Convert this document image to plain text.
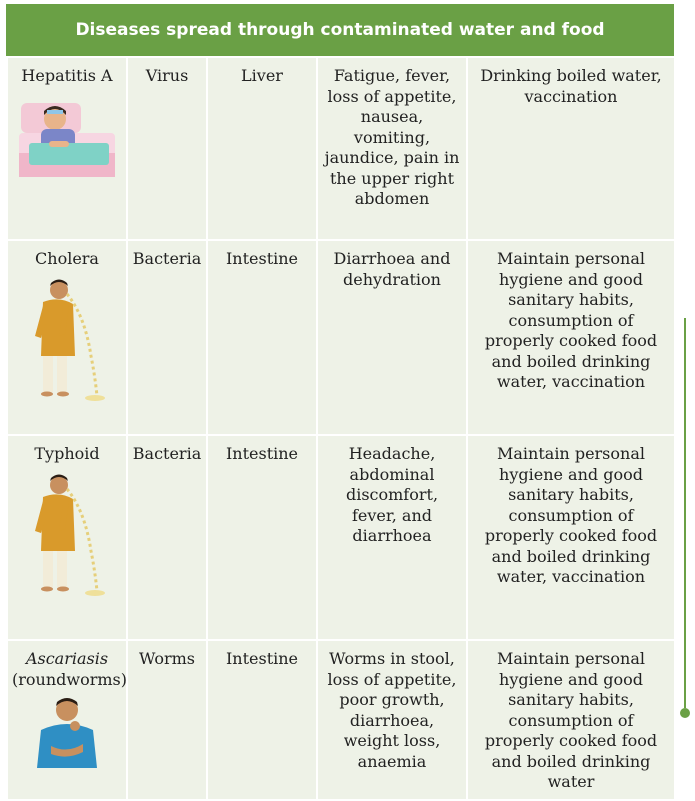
Diseases spread through contaminated water and food
Hepatitis A	Virus	Liver	Fatigue, fever, loss of appetite, nausea, vomiting, jaundice, pain in the upper right abdomen	Drinking boiled water, vaccination

Cholera	Bacteria	Intestine	Diarrhoea and dehydration	Maintain personal hygiene and good sanitary habits, consumption of properly cooked food and boiled drinking water, vaccination

Typhoid	Bacteria	Intestine	Headache, abdominal discomfort, fever, and diarrhoea	Maintain personal hygiene and good sanitary habits, consumption of properly cooked food and boiled drinking water, vaccination

Ascariasis
(roundworms)	Worms	Intestine	Worms in stool, loss of appetite, poor growth, diarrhoea, weight loss, anaemia	Maintain personal hygiene and good sanitary habits, consumption of properly cooked food and boiled drinking water
